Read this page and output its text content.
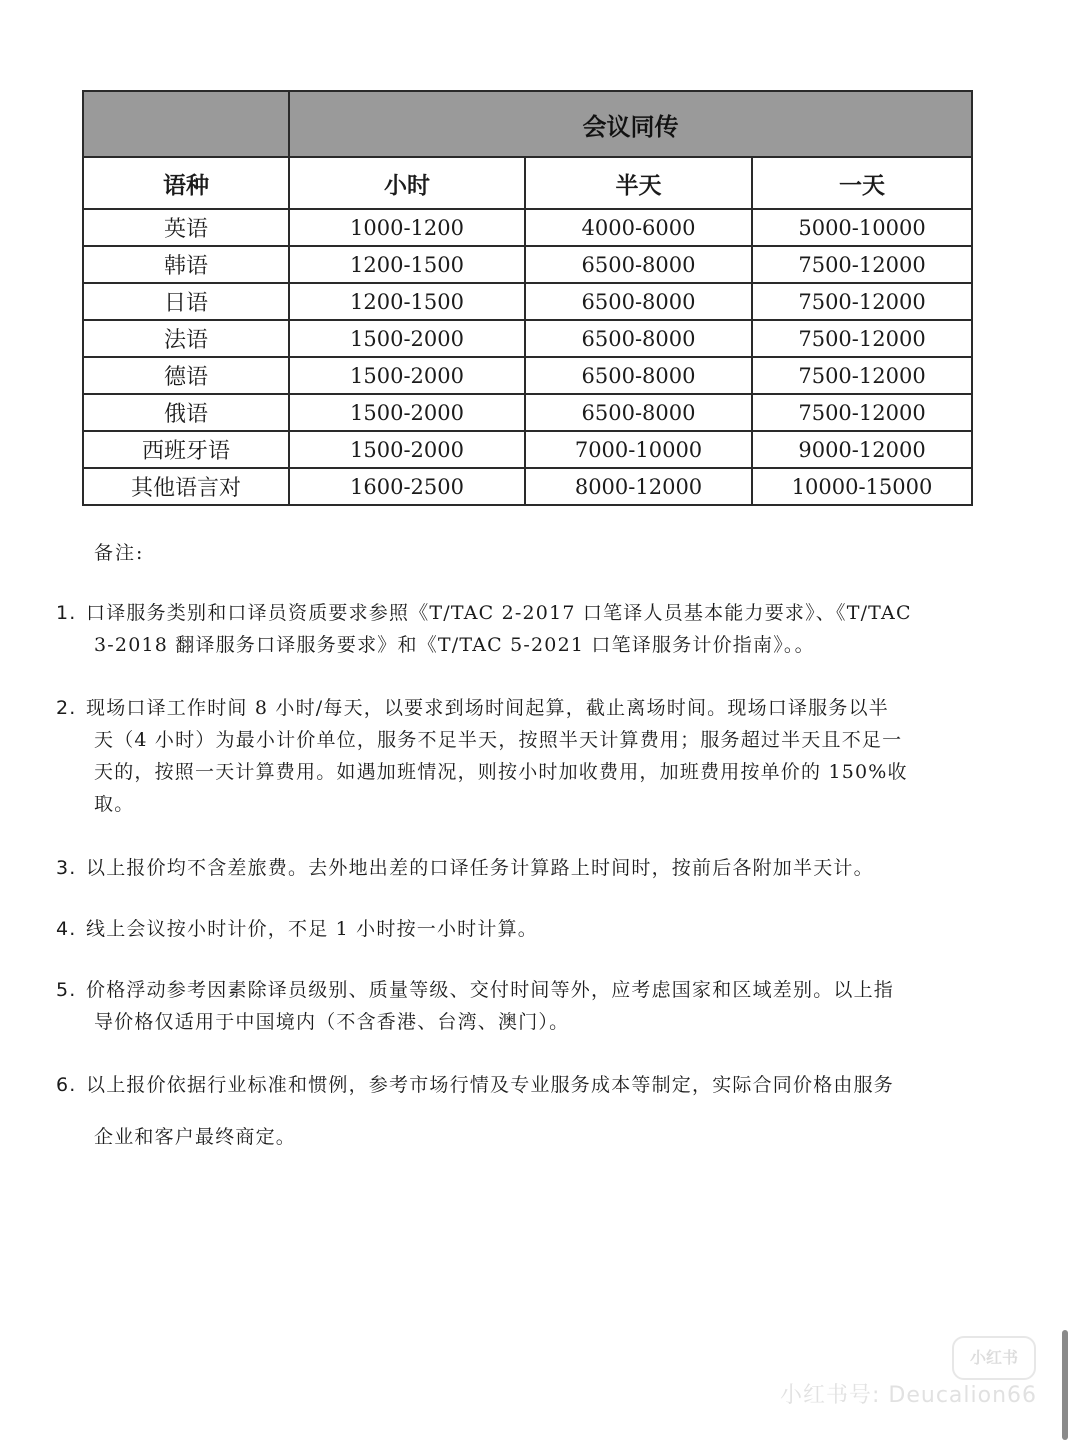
	会议同传		
语种	小时	半天	一天
英语	1000-1200	4000-6000	5000-10000
韩语	1200-1500	6500-8000	7500-12000
日语	1200-1500	6500-8000	7500-12000
法语	1500-2000	6500-8000	7500-12000
德语	1500-2000	6500-8000	7500-12000
俄语	1500-2000	6500-8000	7500-12000
西班牙语	1500-2000	7000-10000	9000-12000
其他语言对	1600-2500	8000-12000	10000-15000
备注:
1. 口译服务类别和口译员资质要求参照《T/TAC 2-2017 口笔译人员基本能力要求》、《T/TAC
3-2018 翻译服务口译服务要求》和《T/TAC 5-2021 口笔译服务计价指南》。。
2. 现场口译工作时间 8 小时/每天，以要求到场时间起算，截止离场时间。现场口译服务以半
天（4 小时）为最小计价单位，服务不足半天，按照半天计算费用；服务超过半天且不足一
天的，按照一天计算费用。如遇加班情况，则按小时加收费用，加班费用按单价的 150%收
取。
3. 以上报价均不含差旅费。去外地出差的口译任务计算路上时间时，按前后各附加半天计。
4. 线上会议按小时计价，不足 1 小时按一小时计算。
5. 价格浮动参考因素除译员级别、质量等级、交付时间等外，应考虑国家和区域差别。以上指
导价格仅适用于中国境内（不含香港、台湾、澳门）。
6. 以上报价依据行业标准和惯例，参考市场行情及专业服务成本等制定，实际合同价格由服务
企业和客户最终商定。
小红书
小红书号: Deucalion66
